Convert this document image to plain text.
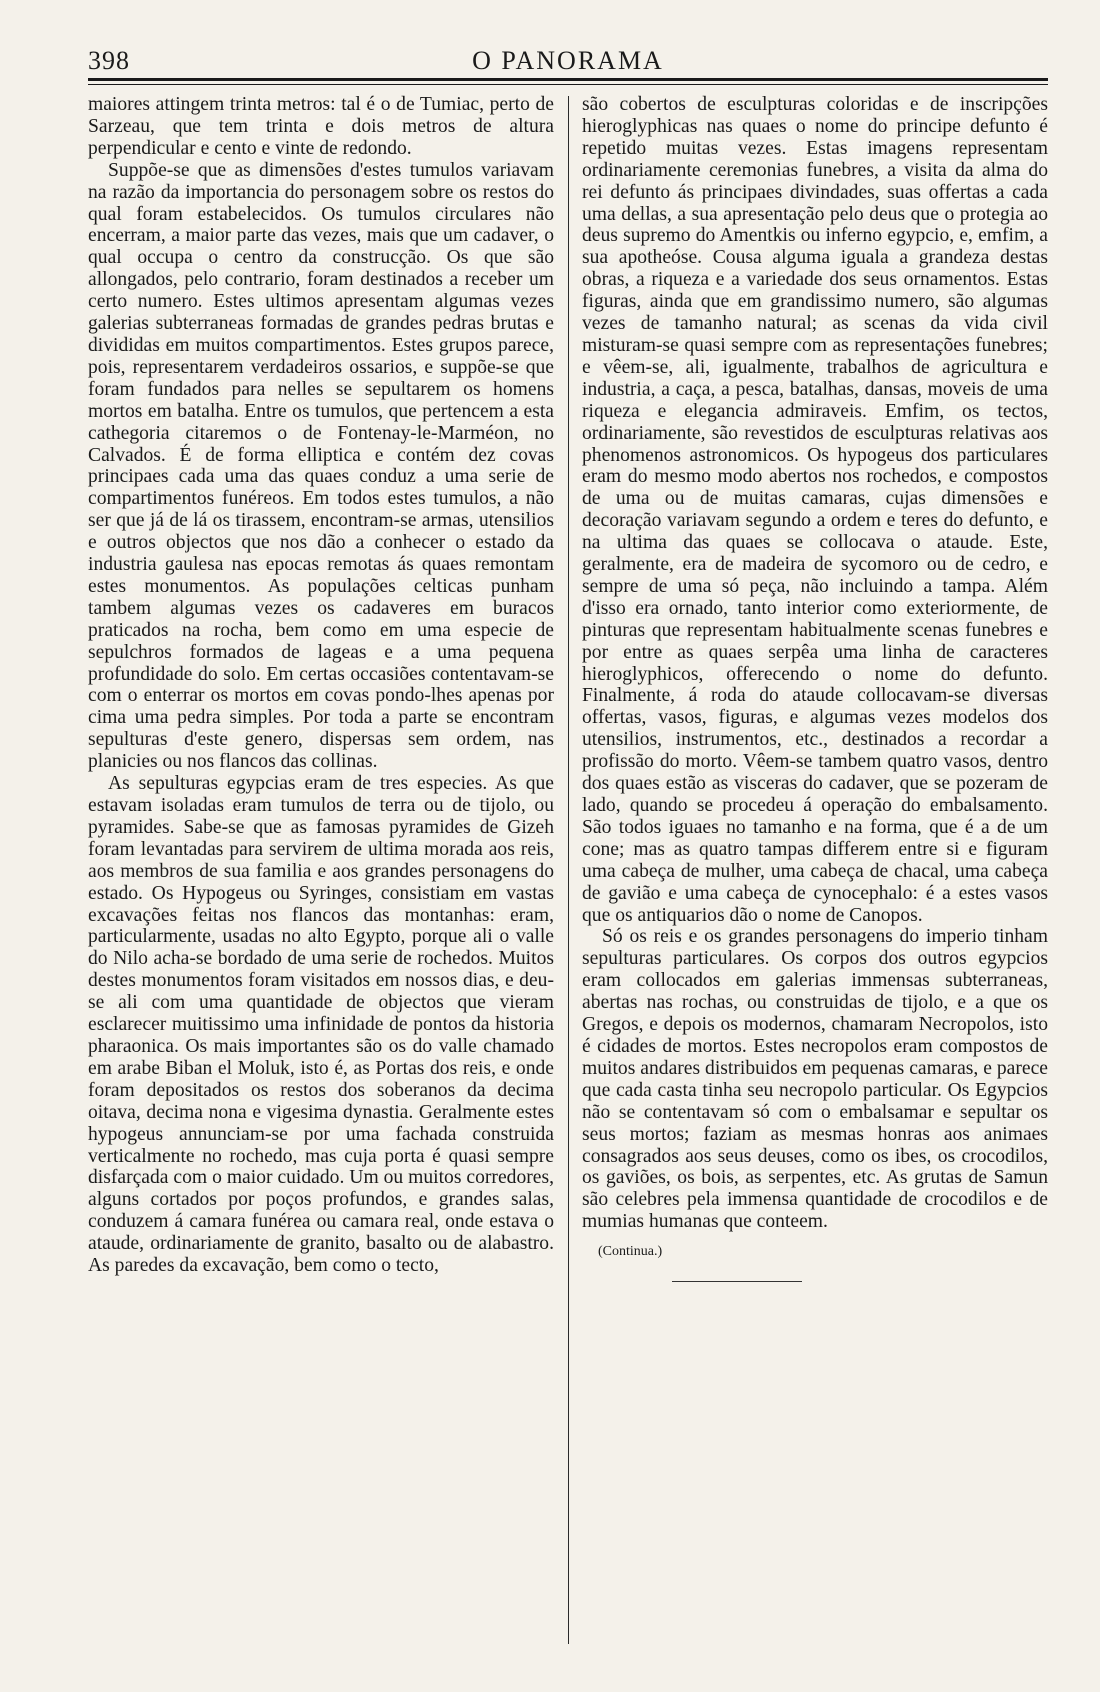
398	O PANORAMA

maiores attingem trinta metros: tal é o de Tumiac, perto de Sarzeau, que tem trinta e dois metros de altura perpendicular e cento e vinte de redondo.

Suppõe-se que as dimensões d'estes tumulos variavam na razão da importancia do personagem sobre os restos do qual foram estabelecidos. Os tumulos circulares não encerram, a maior parte das vezes, mais que um cadaver, o qual occupa o centro da construcção. Os que são allongados, pelo contrario, foram destinados a receber um certo numero. Estes ultimos apresentam algumas vezes galerias subterraneas formadas de grandes pedras brutas e divididas em muitos compartimentos. Estes grupos parece, pois, representarem verdadeiros ossarios, e suppõe-se que foram fundados para nelles se sepultarem os homens mortos em batalha. Entre os tumulos, que pertencem a esta cathegoria citaremos o de Fontenay-le-Marméon, no Calvados. É de forma elliptica e contém dez covas principaes cada uma das quaes conduz a uma serie de compartimentos funéreos. Em todos estes tumulos, a não ser que já de lá os tirassem, encontram-se armas, utensilios e outros objectos que nos dão a conhecer o estado da industria gaulesa nas epocas remotas ás quaes remontam estes monumentos. As populações celticas punham tambem algumas vezes os cadaveres em buracos praticados na rocha, bem como em uma especie de sepulchros formados de lageas e a uma pequena profundidade do solo. Em certas occasiões contentavam-se com o enterrar os mortos em covas pondo-lhes apenas por cima uma pedra simples. Por toda a parte se encontram sepulturas d'este genero, dispersas sem ordem, nas planicies ou nos flancos das collinas.

As sepulturas egypcias eram de tres especies. As que estavam isoladas eram tumulos de terra ou de tijolo, ou pyramides. Sabe-se que as famosas pyramides de Gizeh foram levantadas para servirem de ultima morada aos reis, aos membros de sua familia e aos grandes personagens do estado. Os Hypogeus ou Syringes, consistiam em vastas excavações feitas nos flancos das montanhas: eram, particularmente, usadas no alto Egypto, porque ali o valle do Nilo acha-se bordado de uma serie de rochedos. Muitos destes monumentos foram visitados em nossos dias, e deu-se ali com uma quantidade de objectos que vieram esclarecer muitissimo uma infinidade de pontos da historia pharaonica. Os mais importantes são os do valle chamado em arabe Biban el Moluk, isto é, as Portas dos reis, e onde foram depositados os restos dos soberanos da decima oitava, decima nona e vigesima dynastia. Geralmente estes hypogeus annunciam-se por uma fachada construida verticalmente no rochedo, mas cuja porta é quasi sempre disfarçada com o maior cuidado. Um ou muitos corredores, alguns cortados por poços profundos, e grandes salas, conduzem á camara funérea ou camara real, onde estava o ataude, ordinariamente de granito, basalto ou de alabastro. As paredes da excavação, bem como o tecto,

são cobertos de esculpturas coloridas e de inscripções hieroglyphicas nas quaes o nome do principe defunto é repetido muitas vezes. Estas imagens representam ordinariamente ceremonias funebres, a visita da alma do rei defunto ás principaes divindades, suas offertas a cada uma dellas, a sua apresentação pelo deus que o protegia ao deus supremo do Amentkis ou inferno egypcio, e, emfim, a sua apotheóse. Cousa alguma iguala a grandeza destas obras, a riqueza e a variedade dos seus ornamentos. Estas figuras, ainda que em grandissimo numero, são algumas vezes de tamanho natural; as scenas da vida civil misturam-se quasi sempre com as representações funebres; e vêem-se, ali, igualmente, trabalhos de agricultura e industria, a caça, a pesca, batalhas, dansas, moveis de uma riqueza e elegancia admiraveis. Emfim, os tectos, ordinariamente, são revestidos de esculpturas relativas aos phenomenos astronomicos. Os hypogeus dos particulares eram do mesmo modo abertos nos rochedos, e compostos de uma ou de muitas camaras, cujas dimensões e decoração variavam segundo a ordem e teres do defunto, e na ultima das quaes se collocava o ataude. Este, geralmente, era de madeira de sycomoro ou de cedro, e sempre de uma só peça, não incluindo a tampa. Além d'isso era ornado, tanto interior como exteriormente, de pinturas que representam habitualmente scenas funebres e por entre as quaes serpêa uma linha de caracteres hieroglyphicos, offerecendo o nome do defunto. Finalmente, á roda do ataude collocavam-se diversas offertas, vasos, figuras, e algumas vezes modelos dos utensilios, instrumentos, etc., destinados a recordar a profissão do morto. Vêem-se tambem quatro vasos, dentro dos quaes estão as visceras do cadaver, que se pozeram de lado, quando se procedeu á operação do embalsamento. São todos iguaes no tamanho e na forma, que é a de um cone; mas as quatro tampas differem entre si e figuram uma cabeça de mulher, uma cabeça de chacal, uma cabeça de gavião e uma cabeça de cynocephalo: é a estes vasos que os antiquarios dão o nome de Canopos.

Só os reis e os grandes personagens do imperio tinham sepulturas particulares. Os corpos dos outros egypcios eram collocados em galerias immensas subterraneas, abertas nas rochas, ou construidas de tijolo, e a que os Gregos, e depois os modernos, chamaram Necropolos, isto é cidades de mortos. Estes necropolos eram compostos de muitos andares distribuidos em pequenas camaras, e parece que cada casta tinha seu necropolo particular. Os Egypcios não se contentavam só com o embalsamar e sepultar os seus mortos; faziam as mesmas honras aos animaes consagrados aos seus deuses, como os ibes, os crocodilos, os gaviões, os bois, as serpentes, etc. As grutas de Samun são celebres pela immensa quantidade de crocodilos e de mumias humanas que conteem.

(Continua.)
